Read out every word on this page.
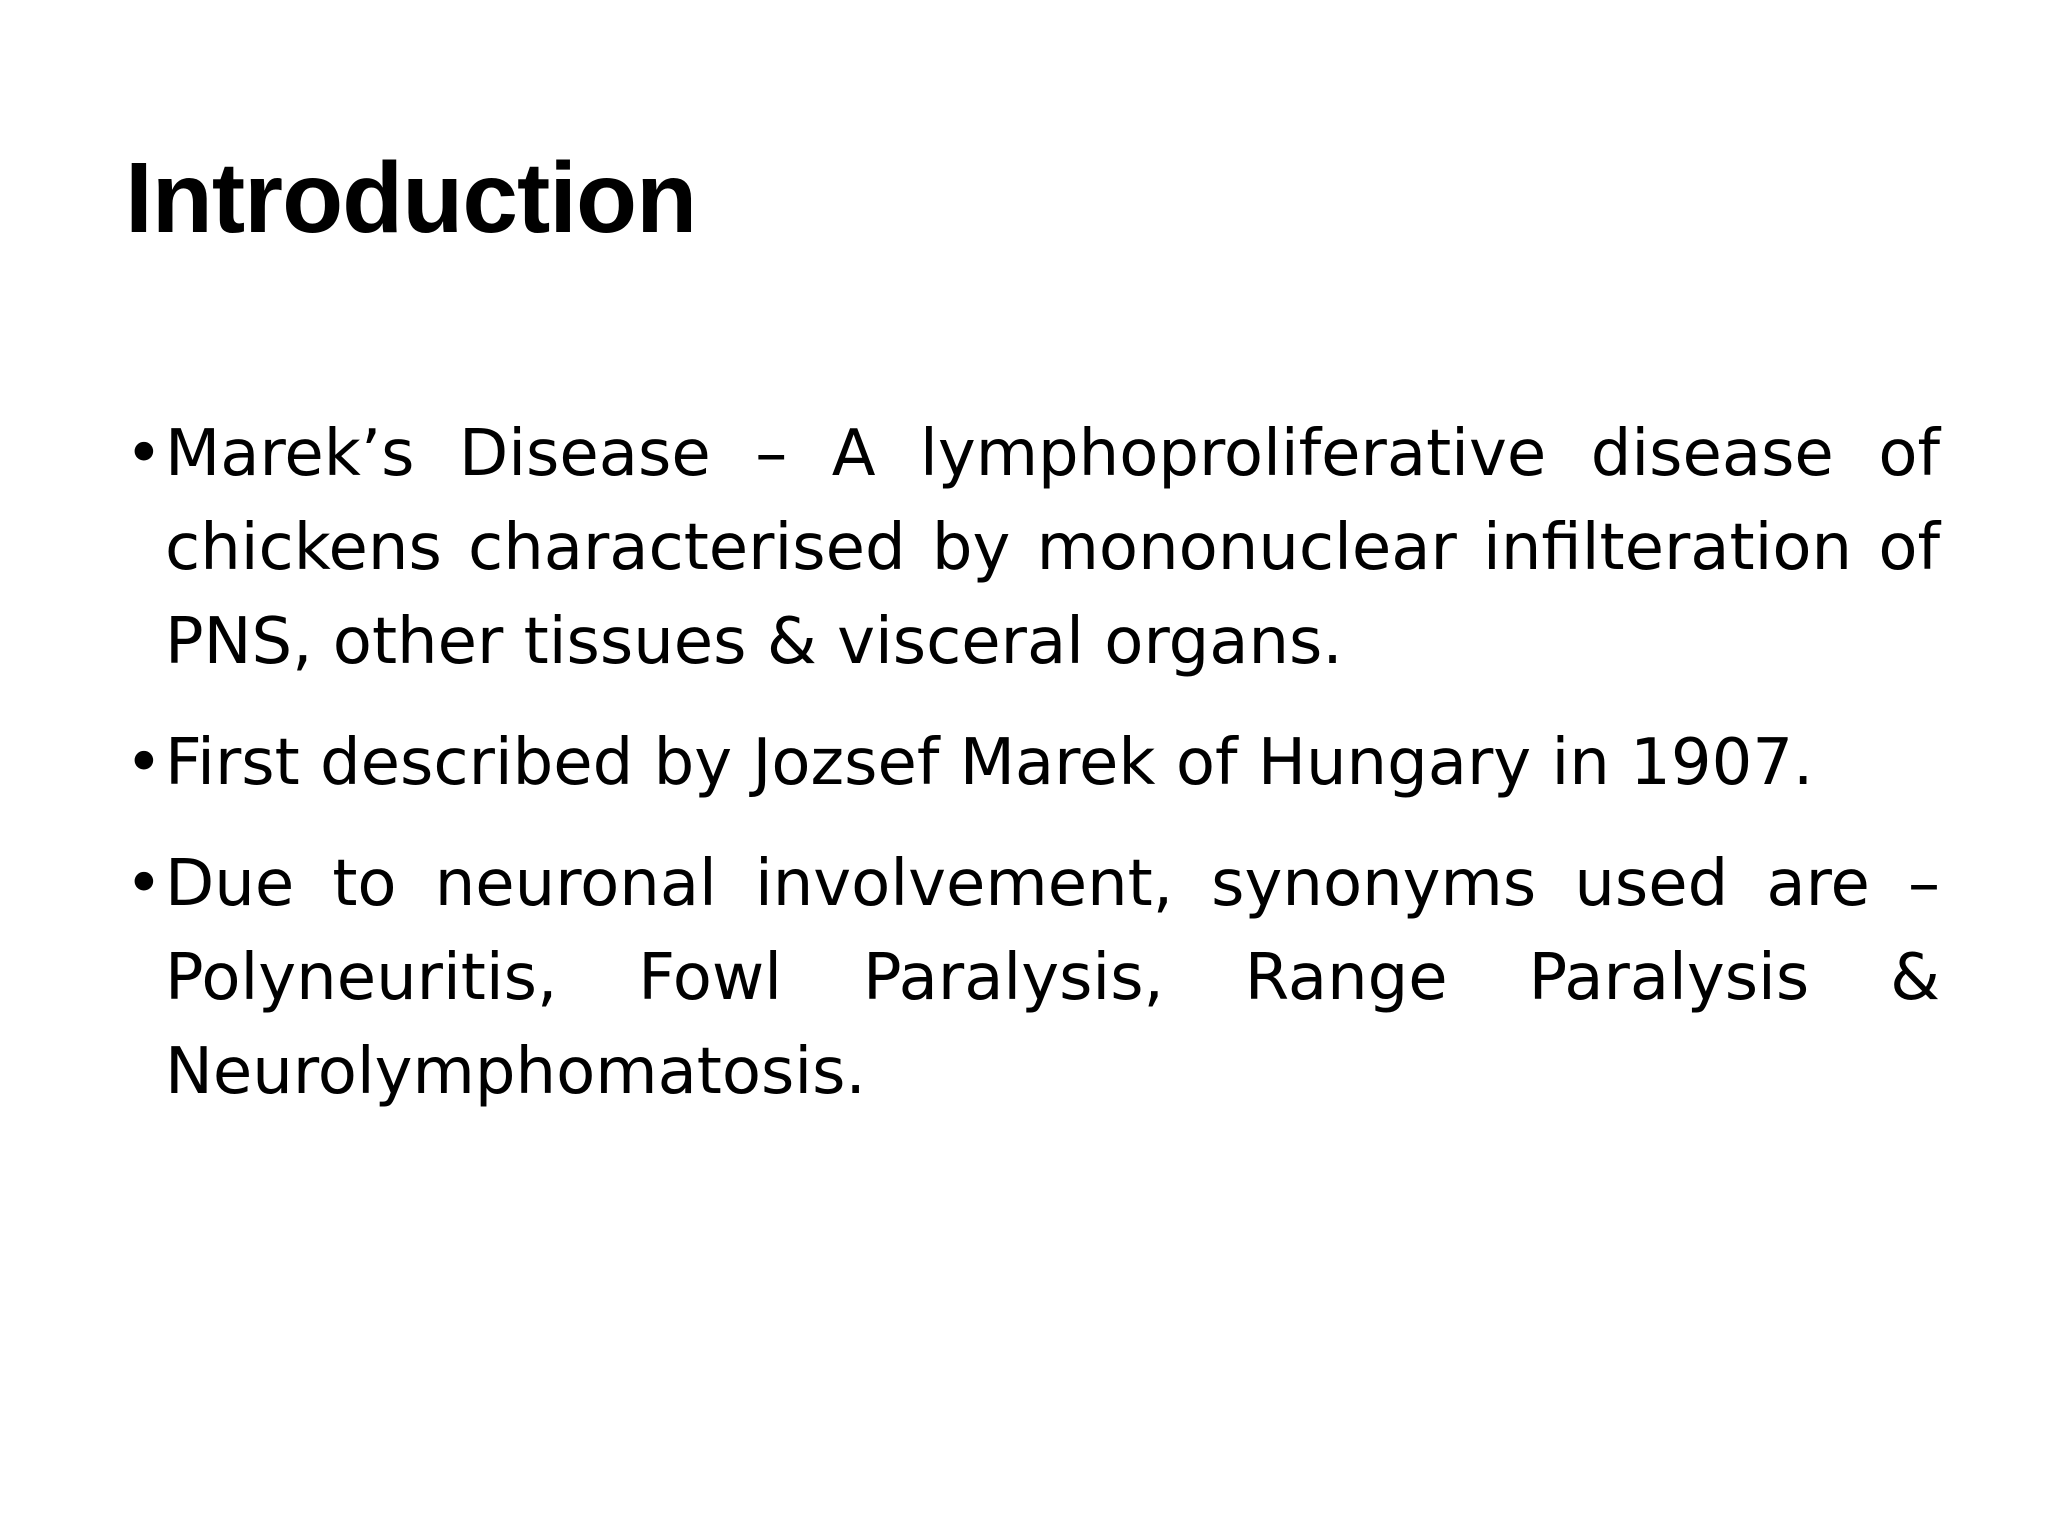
Introduction
• Marek’s Disease – A lymphoproliferative disease of chickens characterised by mononuclear infilteration of PNS, other tissues & visceral organs.
• First described by Jozsef Marek of Hungary in 1907.
• Due to neuronal involvement, synonyms used are – Polyneuritis, Fowl Paralysis, Range Paralysis & Neurolymphomatosis.
